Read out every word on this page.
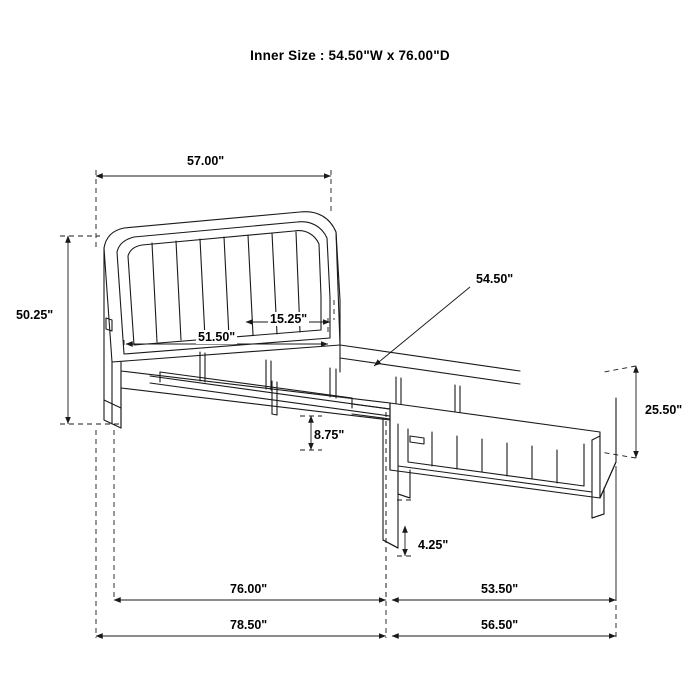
Inner Size : 54.50"W x 76.00"D
57.00"
50.25"
51.50"
15.25"
54.50"
25.50"
8.75"
4.25"
76.00"	53.50"
78.50"	56.50"
